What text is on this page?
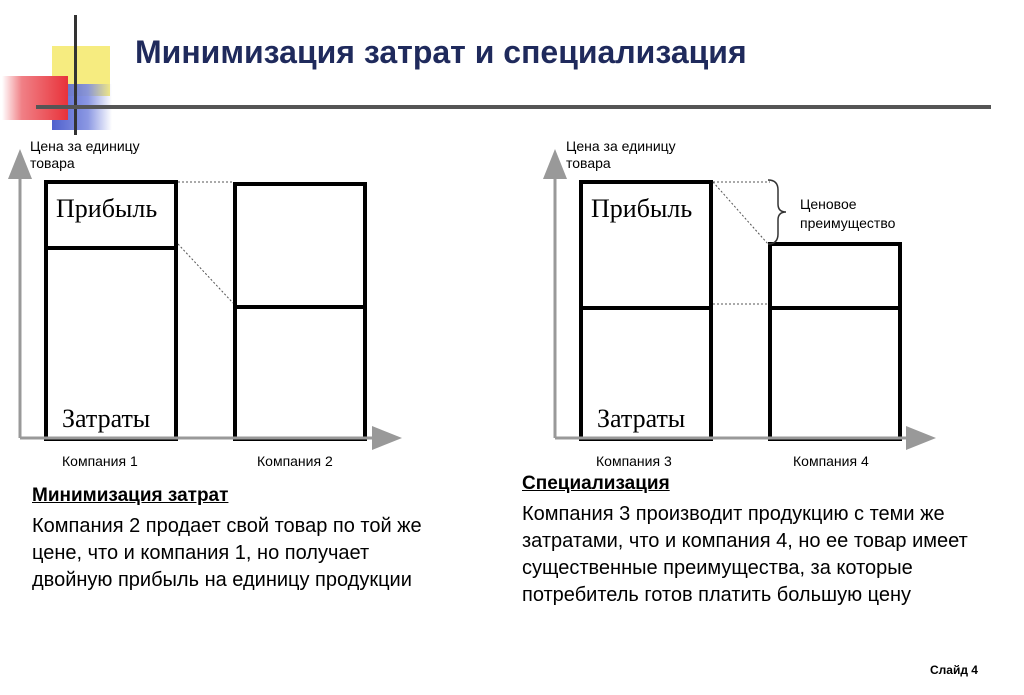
Минимизация затрат и специализация
Цена за единицу
товара
Прибыль
Затраты
Компания 1	Компания 2
Цена за единицу
товара
Прибыль
Затраты
Ценовое
преимущество
Компания 3	Компания 4
Минимизация затрат
Компания 2 продает свой товар по той же цене, что и компания 1, но получает двойную прибыль на единицу продукции
Специализация
Компания 3 производит продукцию с теми же затратами, что и компания 4, но ее товар имеет существенные преимущества, за которые потребитель готов платить большую цену
Слайд 4
